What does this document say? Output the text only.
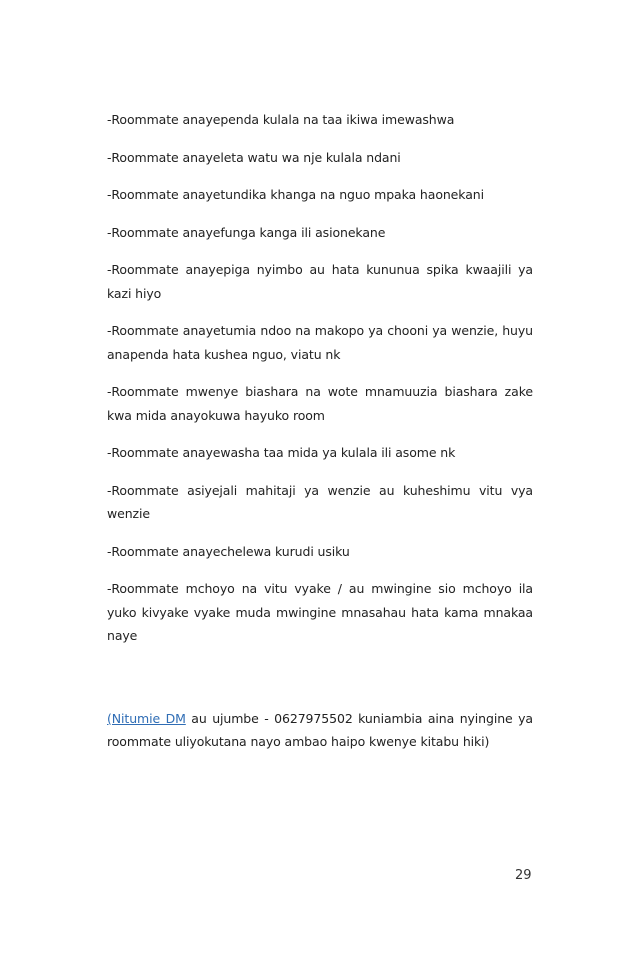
-Roommate anayependa kulala na taa ikiwa imewashwa

-Roommate anayeleta watu wa nje kulala ndani

-Roommate anayetundika khanga na nguo mpaka haonekani

-Roommate anayefunga kanga ili asionekane

-Roommate anayepiga nyimbo au hata kununua spika kwaajili ya kazi hiyo

-Roommate anayetumia ndoo na makopo ya chooni ya wenzie, huyu anapenda hata kushea nguo, viatu nk

-Roommate mwenye biashara na wote mnamuuzia biashara zake kwa mida anayokuwa hayuko room

-Roommate anayewasha taa mida ya kulala ili asome nk

-Roommate asiyejali mahitaji ya wenzie au kuheshimu vitu vya wenzie

-Roommate anayechelewa kurudi usiku

-Roommate mchoyo na vitu vyake / au mwingine sio mchoyo ila yuko kivyake vyake muda mwingine mnasahau hata kama mnakaa naye

(Nitumie DM au ujumbe - 0627975502 kuniambia aina nyingine ya roommate uliyokutana nayo ambao haipo kwenye kitabu hiki)

29
